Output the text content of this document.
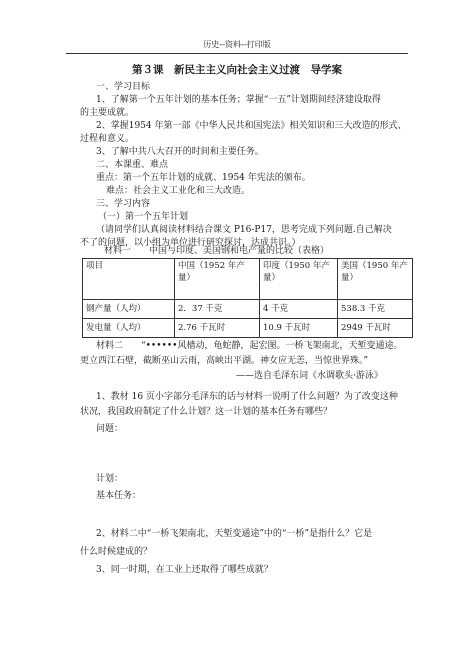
历史--资料--打印版
第３课　新民主主义向社会主义过渡　导学案
一、学习目标
1、了解第一个五年计划的基本任务；掌握“一五”计划期间经济建设取得
的主要成就。
2、掌握1954 年第一部《中华人民共和国宪法》相关知识和三大改造的形式、
过程和意义。
3、了解中共八大召开的时间和主要任务。
二、本课重、难点
重点：第一个五年计划的成就、1954 年宪法的颁布。
难点：社会主义工业化和三大改造。
三、学习内容
（一）第一个五年计划
（请同学们认真阅读材料结合课文 P16-P17，思考完成下列问题.自己解决
不了的问题，以小组为单位进行研究探讨，达成共识。）
材料一　　中国与印度、美国钢和电产量的比较（表格）
项目	中国（1952 年产量）	印度（1950 年产量）	美国（1950 年产量）
钢产量（人均）	2．37 千克	4 千克	538.3 千克
发电量（人均）	2.76 千瓦时	10.9 千瓦时	2949 千瓦时
材料二　　“••••••风樯动，龟蛇静，起宏图。一桥飞架南北，天堑变通途。
更立西江石壁，截断巫山云雨，高峡出平湖。神女应无恙，当惊世界殊。”
——选自毛泽东词《水调歌头·游泳》
1、教材 16 页小字部分毛泽东的话与材料一说明了什么问题？为了改变这种
状况，我国政府制定了什么计划？这一计划的基本任务有哪些？
问题：
计划：
基本任务：
2、材料二中“一桥飞架南北，天堑变通途”中的“一桥”是指什么？它是
什么时候建成的？
3、同一时期，在工业上还取得了哪些成就？
